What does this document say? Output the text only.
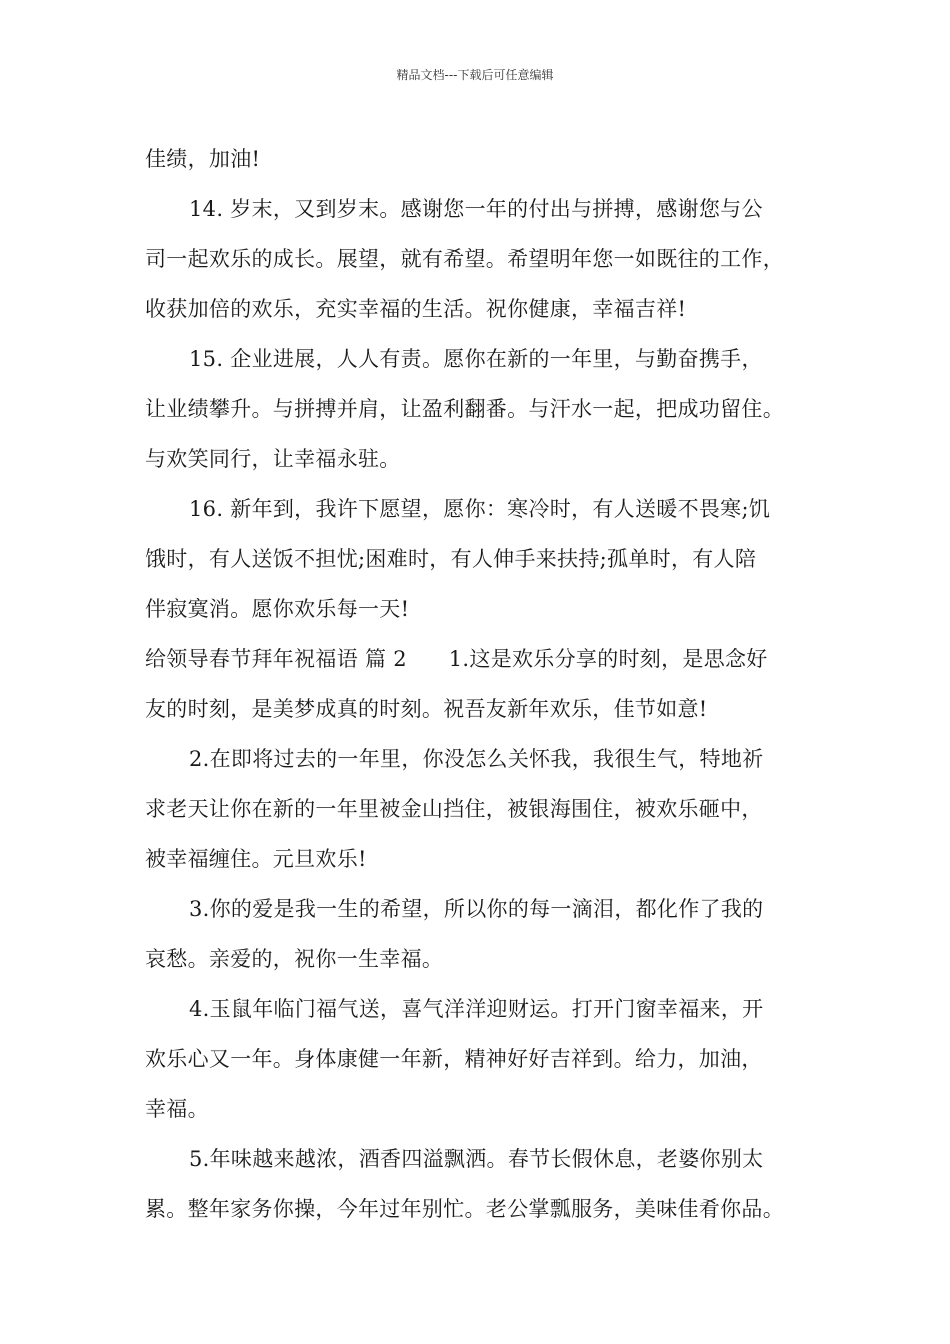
精品文档---下载后可任意编辑
佳绩，加油!
14. 岁末，又到岁末。感谢您一年的付出与拼搏，感谢您与公
司一起欢乐的成长。展望，就有希望。希望明年您一如既往的工作，
收获加倍的欢乐，充实幸福的生活。祝你健康，幸福吉祥!
15. 企业进展，人人有责。愿你在新的一年里，与勤奋携手，
让业绩攀升。与拼搏并肩，让盈利翻番。与汗水一起，把成功留住。
与欢笑同行，让幸福永驻。
16. 新年到，我许下愿望，愿你：寒冷时，有人送暖不畏寒;饥
饿时，有人送饭不担忧;困难时，有人伸手来扶持;孤单时，有人陪
伴寂寞消。愿你欢乐每一天!
给领导春节拜年祝福语 篇 2      1.这是欢乐分享的时刻，是思念好
友的时刻，是美梦成真的时刻。祝吾友新年欢乐，佳节如意!
2.在即将过去的一年里，你没怎么关怀我，我很生气，特地祈
求老天让你在新的一年里被金山挡住，被银海围住，被欢乐砸中，
被幸福缠住。元旦欢乐!
3.你的爱是我一生的希望，所以你的每一滴泪，都化作了我的
哀愁。亲爱的，祝你一生幸福。
4.玉鼠年临门福气送，喜气洋洋迎财运。打开门窗幸福来，开
欢乐心又一年。身体康健一年新，精神好好吉祥到。给力，加油，
幸福。
5.年味越来越浓，酒香四溢飘洒。春节长假休息，老婆你别太
累。整年家务你操，今年过年别忙。老公掌瓢服务，美味佳肴你品。
